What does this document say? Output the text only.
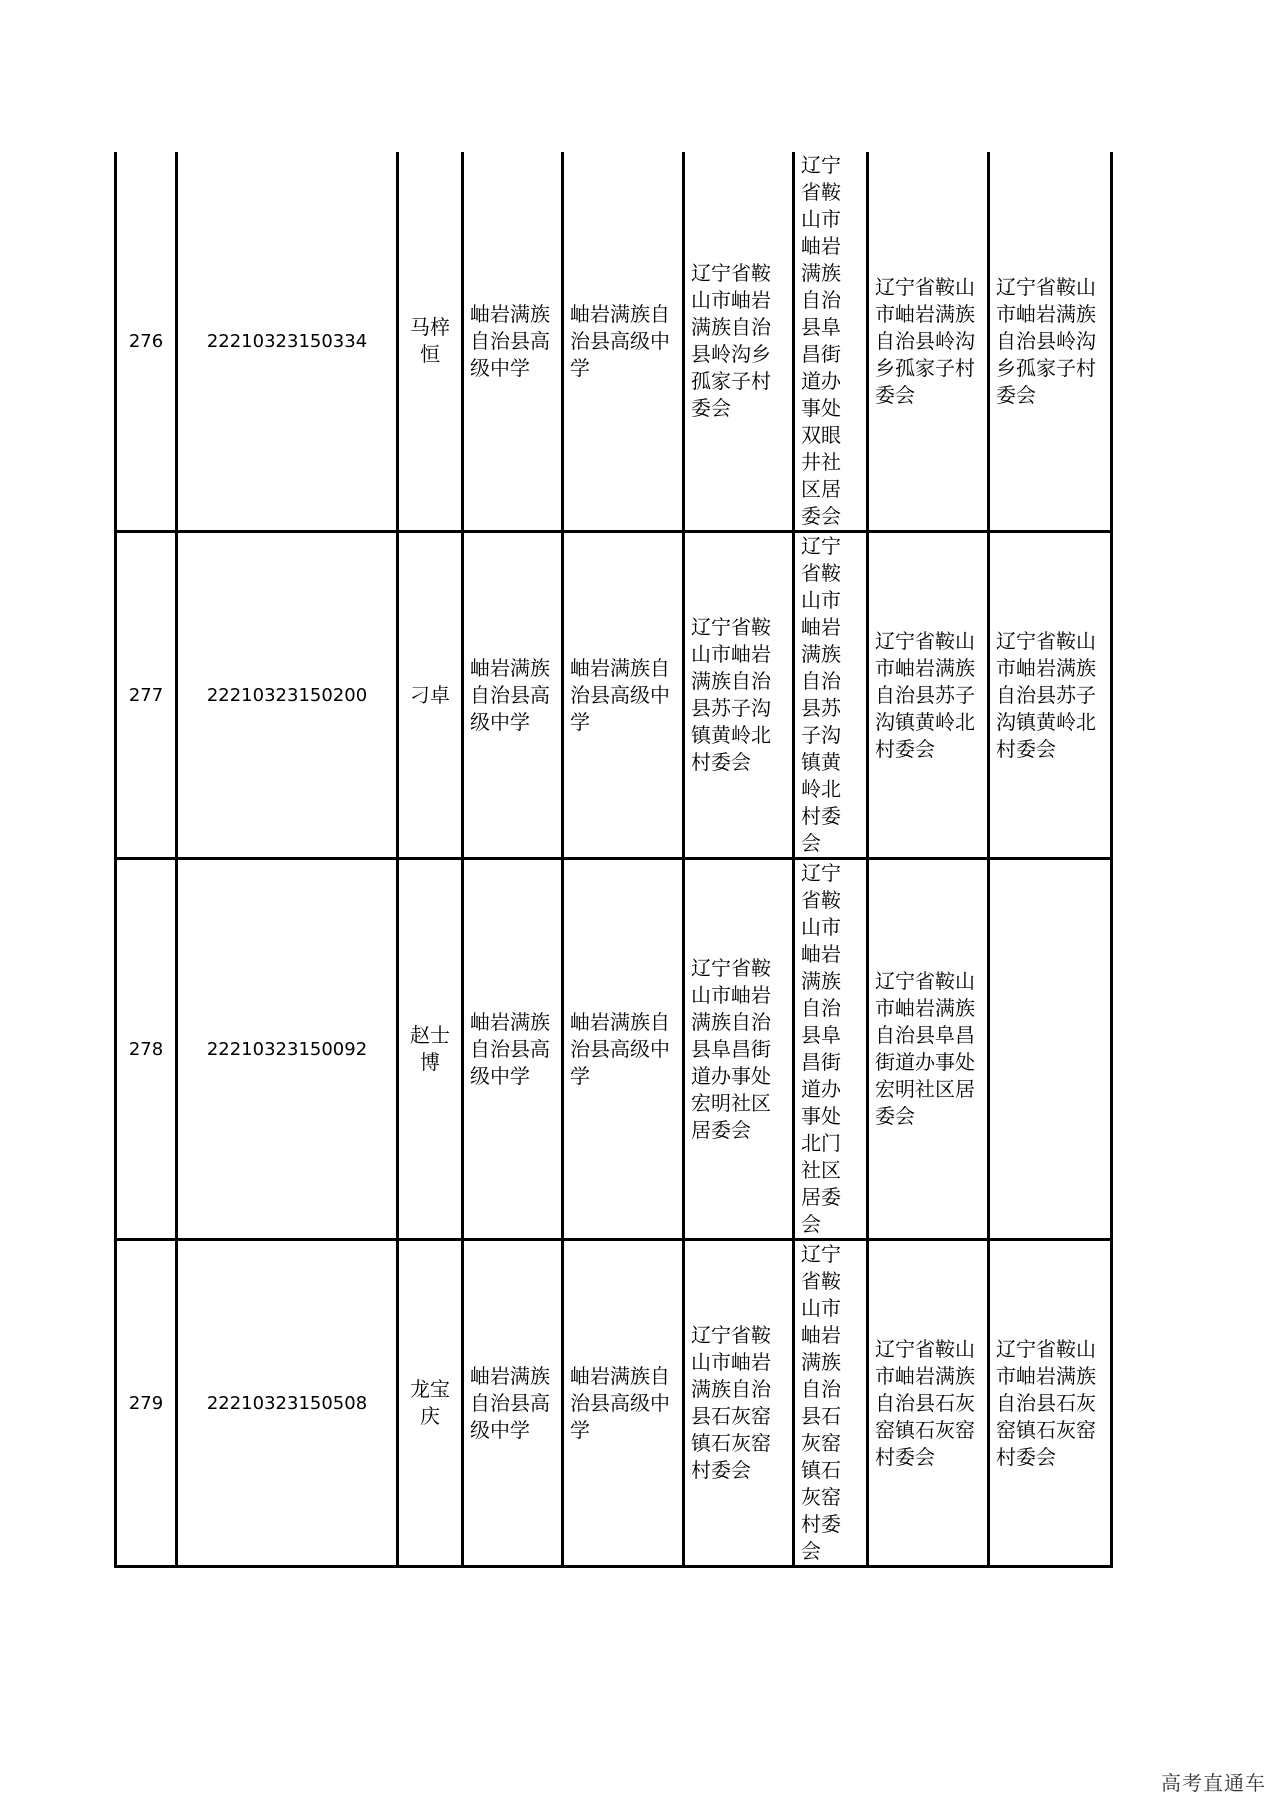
276	22210323150334	马梓恒	岫岩满族自治县高级中学	岫岩满族自治县高级中学	辽宁省鞍山市岫岩满族自治县岭沟乡孤家子村委会	辽宁省鞍山市岫岩满族自治县阜昌街道办事处双眼井社区居委会	辽宁省鞍山市岫岩满族自治县岭沟乡孤家子村委会	辽宁省鞍山市岫岩满族自治县岭沟乡孤家子村委会
277	22210323150200	刁卓	岫岩满族自治县高级中学	岫岩满族自治县高级中学	辽宁省鞍山市岫岩满族自治县苏子沟镇黄岭北村委会	辽宁省鞍山市岫岩满族自治县苏子沟镇黄岭北村委会	辽宁省鞍山市岫岩满族自治县苏子沟镇黄岭北村委会	辽宁省鞍山市岫岩满族自治县苏子沟镇黄岭北村委会
278	22210323150092	赵士博	岫岩满族自治县高级中学	岫岩满族自治县高级中学	辽宁省鞍山市岫岩满族自治县阜昌街道办事处宏明社区居委会	辽宁省鞍山市岫岩满族自治县阜昌街道办事处北门社区居委会	辽宁省鞍山市岫岩满族自治县阜昌街道办事处宏明社区居委会	
279	22210323150508	龙宝庆	岫岩满族自治县高级中学	岫岩满族自治县高级中学	辽宁省鞍山市岫岩满族自治县石灰窑镇石灰窑村委会	辽宁省鞍山市岫岩满族自治县石灰窑镇石灰窑村委会	辽宁省鞍山市岫岩满族自治县石灰窑镇石灰窑村委会	辽宁省鞍山市岫岩满族自治县石灰窑镇石灰窑村委会
高考直通车
